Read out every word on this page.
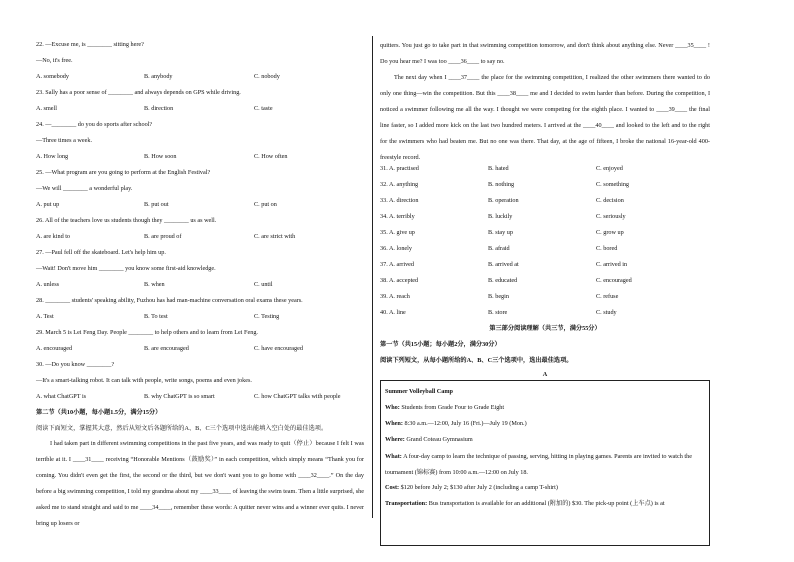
22. —Excuse me, is ________ sitting here?
—No, it's free.
A. somebody	B. anybody	C. nobody
23. Sally has a poor sense of ________ and always depends on GPS while driving.
A. smell	B. direction	C. taste
24. —________ do you do sports after school?
—Three times a week.
A. How long	B. How soon	C. How often
25. —What program are you going to perform at the English Festival?
—We will ________ a wonderful play.
A. put up	B. put out	C. put on
26. All of the teachers love us students though they ________ us as well.
A. are kind to	B. are proud of	C. are strict with
27. —Paul fell off the skateboard. Let's help him up.
—Wait! Don't move him ________ you know some first-aid knowledge.
A. unless	B. when	C. until
28. ________ students' speaking ability, Fuzhou has had man-machine conversation oral exams these years.
A. Test	B. To test	C. Testing
29. March 5 is Lei Feng Day. People ________ to help others and to learn from Lei Feng.
A. encouraged	B. are encouraged	C. have encouraged
30. —Do you know ________?
—It's a smart-talking robot. It can talk with people, write songs, poems and even jokes.
A. what ChatGPT is	B. why ChatGPT is so smart	C. how ChatGPT talks with people
第二节（共10小题，每小题1.5分，满分15分）
阅读下面短文，掌握其大意，然后从短文后各题所给的A、B、C三个选项中选出能填入空白处的最佳选项。
I had taken part in different swimming competitions in the past five years, and was ready to quit（停止）because I felt I was terrible at it. I ____31____ receiving “Honorable Mentions（鼓励奖）” in each competition, which simply means “Thank you for coming. You didn't even get the first, the second or the third, but we don't want you to go home with ____32____.” On the day before a big swimming competition, I told my grandma about my ____33____ of leaving the swim team. Then a little surprised, she asked me to stand straight and said to me ____34____, remember these words: A quitter never wins and a winner ever quits. I never bring up losers or
quitters. You just go to take part in that swimming competition tomorrow, and don't think about anything else. Never ____35____ ! Do you hear me? I was too ____36____ to say no.
The next day when I ____37____ the place for the swimming competition, I realized the other swimmers there wanted to do only one thing—win the competition. But this ____38____ me and I decided to swim harder than before. During the competition, I noticed a swimmer following me all the way. I thought we were competing for the eighth place. I wanted to ____39____ the final line faster, so I added more kick on the last two hundred meters. I arrived at the ____40____ and looked to the left and to the right for the swimmers who had beaten me. But no one was there. That day, at the age of fifteen, I broke the national 16-year-old 400-freestyle record.
31. A. practised	B. hated	C. enjoyed
32. A. anything	B. nothing	C. something
33. A. direction	B. operation	C. decision
34. A. terribly	B. luckily	C. seriously
35. A. give up	B. stay up	C. grow up
36. A. lonely	B. afraid	C. bored
37. A. arrived	B. arrived at	C. arrived in
38. A. accepted	B. educated	C. encouraged
39. A. reach	B. begin	C. refuse
40. A. line	B. store	C. study
第三部分阅读理解（共三节，满分55分）
第一节（共15小题；每小题2分，满分30分）
阅读下列短文，从每小题所给的A、B、C三个选项中，选出最佳选项。
A
Summer Volleyball Camp
Who: Students from Grade Four to Grade Eight
When: 8:30 a.m.—12:00, July 16 (Fri.)—July 19 (Mon.)
Where: Grand Coteau Gymnasium
What: A four-day camp to learn the technique of passing, serving, hitting in playing games. Parents are invited to watch the tournament (锦标赛) from 10:00 a.m.—12:00 on July 18.
Cost: $120 before July 2; $130 after July 2 (including a camp T-shirt)
Transportation: Bus transportation is available for an additional (附加的) $30. The pick-up point (上车点) is at
